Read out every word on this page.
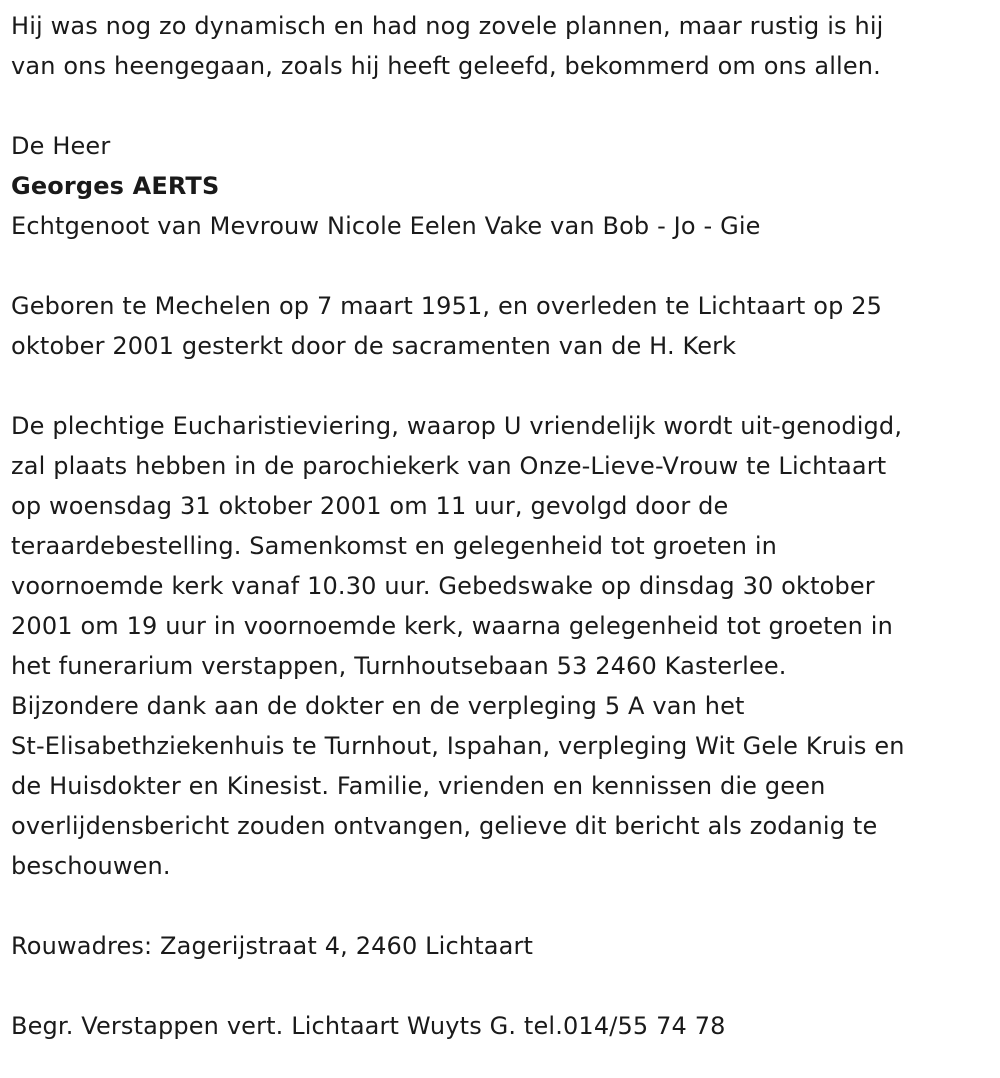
Hij was nog zo dynamisch en had nog zovele plannen, maar rustig is hij
van ons heengegaan, zoals hij heeft geleefd, bekommerd om ons allen.
De Heer
Georges AERTS
Echtgenoot van Mevrouw Nicole Eelen Vake van Bob - Jo - Gie
Geboren te Mechelen op 7 maart 1951, en overleden te Lichtaart op 25
oktober 2001 gesterkt door de sacramenten van de H. Kerk
De plechtige Eucharistieviering, waarop U vriendelijk wordt uit-genodigd,
zal plaats hebben in de parochiekerk van Onze-Lieve-Vrouw te Lichtaart
op woensdag 31 oktober 2001 om 11 uur, gevolgd door de
teraardebestelling. Samenkomst en gelegenheid tot groeten in
voornoemde kerk vanaf 10.30 uur. Gebedswake op dinsdag 30 oktober
2001 om 19 uur in voornoemde kerk, waarna gelegenheid tot groeten in
het funerarium verstappen, Turnhoutsebaan 53 2460 Kasterlee.
Bijzondere dank aan de dokter en de verpleging 5 A van het
St-Elisabethziekenhuis te Turnhout, Ispahan, verpleging Wit Gele Kruis en
de Huisdokter en Kinesist. Familie, vrienden en kennissen die geen
overlijdensbericht zouden ontvangen, gelieve dit bericht als zodanig te
beschouwen.
Rouwadres: Zagerijstraat 4, 2460 Lichtaart
Begr. Verstappen vert. Lichtaart Wuyts G. tel.014/55 74 78
